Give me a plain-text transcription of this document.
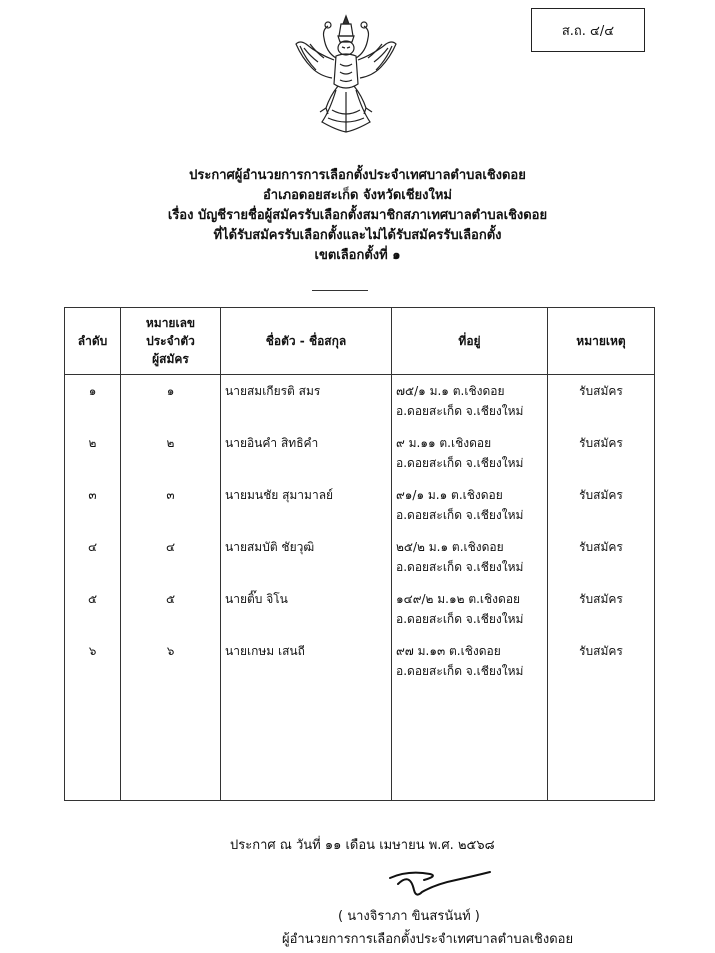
ส.ถ. ๔/๔
ประกาศผู้อำนวยการการเลือกตั้งประจำเทศบาลตำบลเชิงดอย
อำเภอดอยสะเก็ด จังหวัดเชียงใหม่
เรื่อง บัญชีรายชื่อผู้สมัครรับเลือกตั้งสมาชิกสภาเทศบาลตำบลเชิงดอย
ที่ได้รับสมัครรับเลือกตั้งและไม่ได้รับสมัครรับเลือกตั้ง
เขตเลือกตั้งที่ ๑
ลำดับ	หมายเลข
ประจำตัว
ผู้สมัคร	ชื่อตัว - ชื่อสกุล	ที่อยู่	หมายเหตุ
๑	๑	นายสมเกียรติ สมร	๗๕/๑ ม.๑ ต.เชิงดอย
อ.ดอยสะเก็ด จ.เชียงใหม่	รับสมัคร
๒	๒	นายอินคำ สิทธิคำ	๙ ม.๑๑ ต.เชิงดอย
อ.ดอยสะเก็ด จ.เชียงใหม่	รับสมัคร
๓	๓	นายมนชัย สุมามาลย์	๙๑/๑ ม.๑ ต.เชิงดอย
อ.ดอยสะเก็ด จ.เชียงใหม่	รับสมัคร
๔	๔	นายสมบัติ ชัยวุฒิ	๒๕/๒ ม.๑ ต.เชิงดอย
อ.ดอยสะเก็ด จ.เชียงใหม่	รับสมัคร
๕	๕	นายติ๊บ จิโน	๑๔๙/๒ ม.๑๒ ต.เชิงดอย
อ.ดอยสะเก็ด จ.เชียงใหม่	รับสมัคร
๖	๖	นายเกษม เสนถี	๙๗ ม.๑๓ ต.เชิงดอย
อ.ดอยสะเก็ด จ.เชียงใหม่	รับสมัคร

ประกาศ ณ วันที่ ๑๑ เดือน เมษายน พ.ศ. ๒๕๖๘
( นางจิราภา ขินสรนันท์ )
ผู้อำนวยการการเลือกตั้งประจำเทศบาลตำบลเชิงดอย
